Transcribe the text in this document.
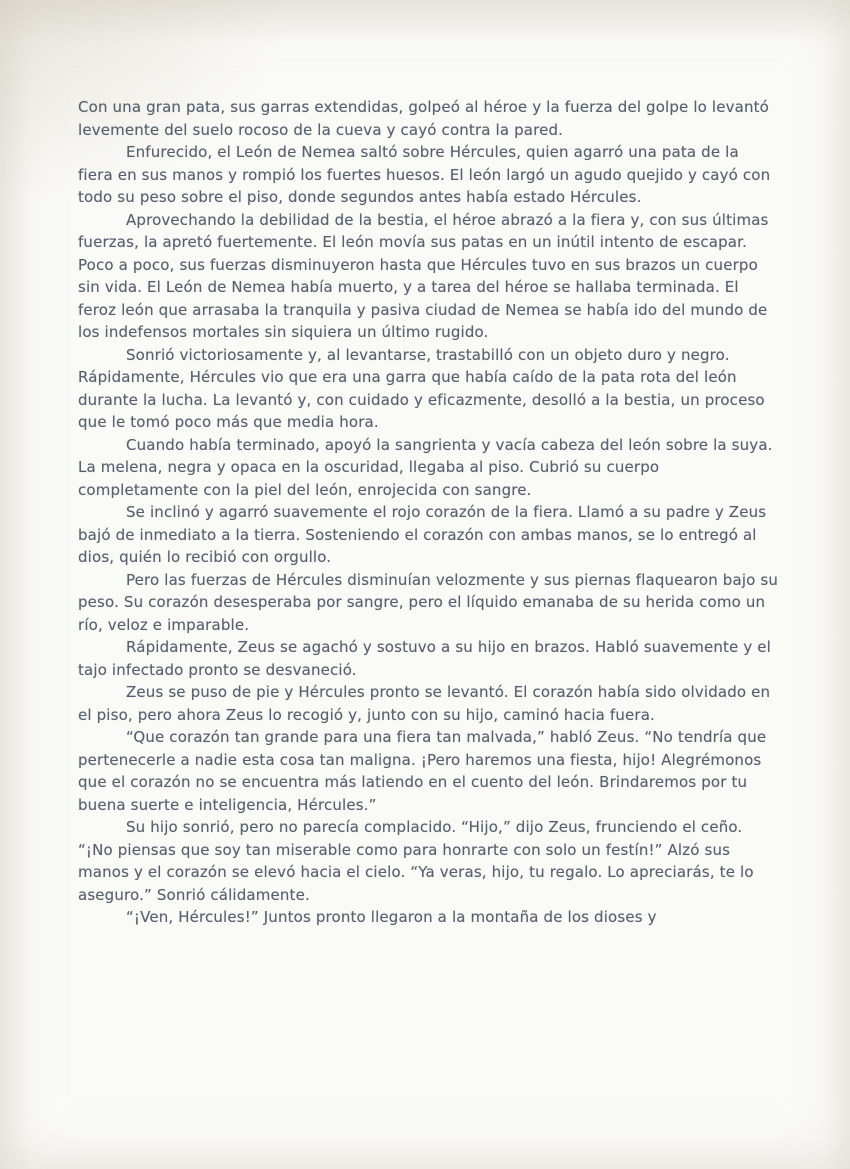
Con una gran pata, sus garras extendidas, golpeó al héroe y la fuerza del golpe lo levantó levemente del suelo rocoso de la cueva y cayó contra la pared.

Enfurecido, el León de Nemea saltó sobre Hércules, quien agarró una pata de la fiera en sus manos y rompió los fuertes huesos. El león largó un agudo quejido y cayó con todo su peso sobre el piso, donde segundos antes había estado Hércules.

Aprovechando la debilidad de la bestia, el héroe abrazó a la fiera y, con sus últimas fuerzas, la apretó fuertemente. El león movía sus patas en un inútil intento de escapar. Poco a poco, sus fuerzas disminuyeron hasta que Hércules tuvo en sus brazos un cuerpo sin vida. El León de Nemea había muerto, y a tarea del héroe se hallaba terminada. El feroz león que arrasaba la tranquila y pasiva ciudad de Nemea se había ido del mundo de los indefensos mortales sin siquiera un último rugido.

Sonrió victoriosamente y, al levantarse, trastabilló con un objeto duro y negro. Rápidamente, Hércules vio que era una garra que había caído de la pata rota del león durante la lucha. La levantó y, con cuidado y eficazmente, desolló a la bestia, un proceso que le tomó poco más que media hora.

Cuando había terminado, apoyó la sangrienta y vacía cabeza del león sobre la suya. La melena, negra y opaca en la oscuridad, llegaba al piso. Cubrió su cuerpo completamente con la piel del león, enrojecida con sangre.

Se inclinó y agarró suavemente el rojo corazón de la fiera. Llamó a su padre y Zeus bajó de inmediato a la tierra. Sosteniendo el corazón con ambas manos, se lo entregó al dios, quién lo recibió con orgullo.

Pero las fuerzas de Hércules disminuían velozmente y sus piernas flaquearon bajo su peso. Su corazón desesperaba por sangre, pero el líquido emanaba de su herida como un río, veloz e imparable.

Rápidamente, Zeus se agachó y sostuvo a su hijo en brazos. Habló suavemente y el tajo infectado pronto se desvaneció.

Zeus se puso de pie y Hércules pronto se levantó. El corazón había sido olvidado en el piso, pero ahora Zeus lo recogió y, junto con su hijo, caminó hacia fuera.

“Que corazón tan grande para una fiera tan malvada,” habló Zeus. “No tendría que pertenecerle a nadie esta cosa tan maligna. ¡Pero haremos una fiesta, hijo! Alegrémonos que el corazón no se encuentra más latiendo en el cuento del león. Brindaremos por tu buena suerte e inteligencia, Hércules.”

Su hijo sonrió, pero no parecía complacido. “Hijo,” dijo Zeus, frunciendo el ceño. “¡No piensas que soy tan miserable como para honrarte con solo un festín!” Alzó sus manos y el corazón se elevó hacia el cielo. “Ya veras, hijo, tu regalo. Lo apreciarás, te lo aseguro.” Sonrió cálidamente.

“¡Ven, Hércules!” Juntos pronto llegaron a la montaña de los dioses y
